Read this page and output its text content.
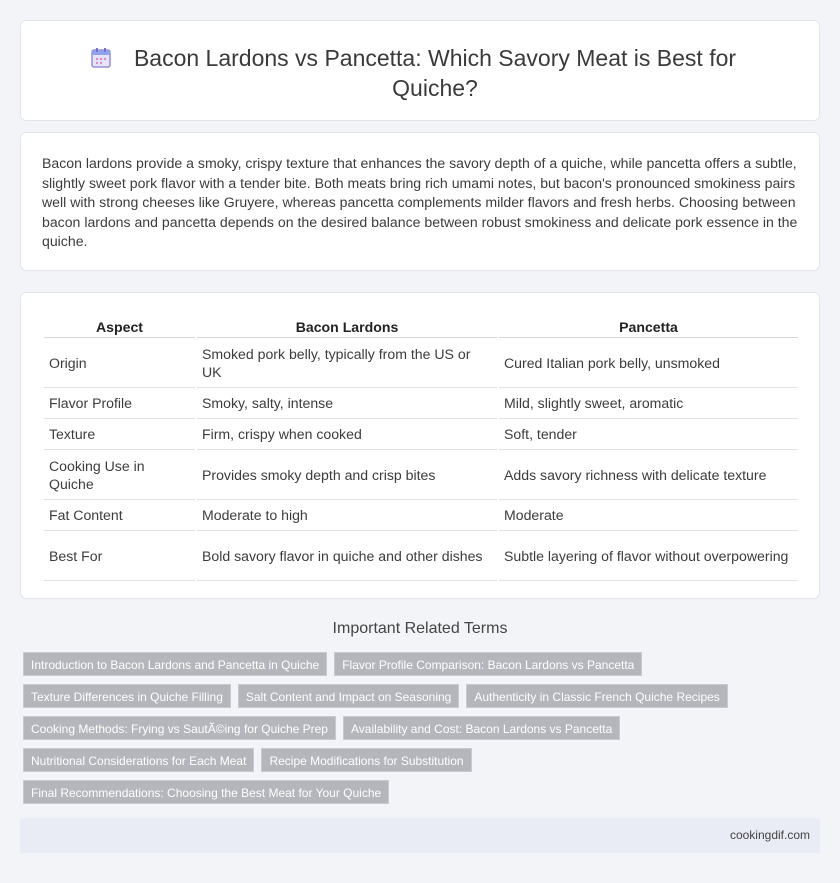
Bacon Lardons vs Pancetta: Which Savory Meat is Best for Quiche?

Bacon lardons provide a smoky, crispy texture that enhances the savory depth of a quiche, while pancetta offers a subtle, slightly sweet pork flavor with a tender bite. Both meats bring rich umami notes, but bacon's pronounced smokiness pairs well with strong cheeses like Gruyere, whereas pancetta complements milder flavors and fresh herbs. Choosing between bacon lardons and pancetta depends on the desired balance between robust smokiness and delicate pork essence in the quiche.

Aspect	Bacon Lardons	Pancetta
Origin	Smoked pork belly, typically from the US or UK	Cured Italian pork belly, unsmoked
Flavor Profile	Smoky, salty, intense	Mild, slightly sweet, aromatic
Texture	Firm, crispy when cooked	Soft, tender
Cooking Use in Quiche	Provides smoky depth and crisp bites	Adds savory richness with delicate texture
Fat Content	Moderate to high	Moderate
Best For	Bold savory flavor in quiche and other dishes	Subtle layering of flavor without overpowering
Important Related Terms
Introduction to Bacon Lardons and Pancetta in Quiche	Flavor Profile Comparison: Bacon Lardons vs Pancetta
Texture Differences in Quiche Filling	Salt Content and Impact on Seasoning	Authenticity in Classic French Quiche Recipes
Cooking Methods: Frying vs SautÃ©ing for Quiche Prep	Availability and Cost: Bacon Lardons vs Pancetta
Nutritional Considerations for Each Meat	Recipe Modifications for Substitution
Final Recommendations: Choosing the Best Meat for Your Quiche
cookingdif.com
